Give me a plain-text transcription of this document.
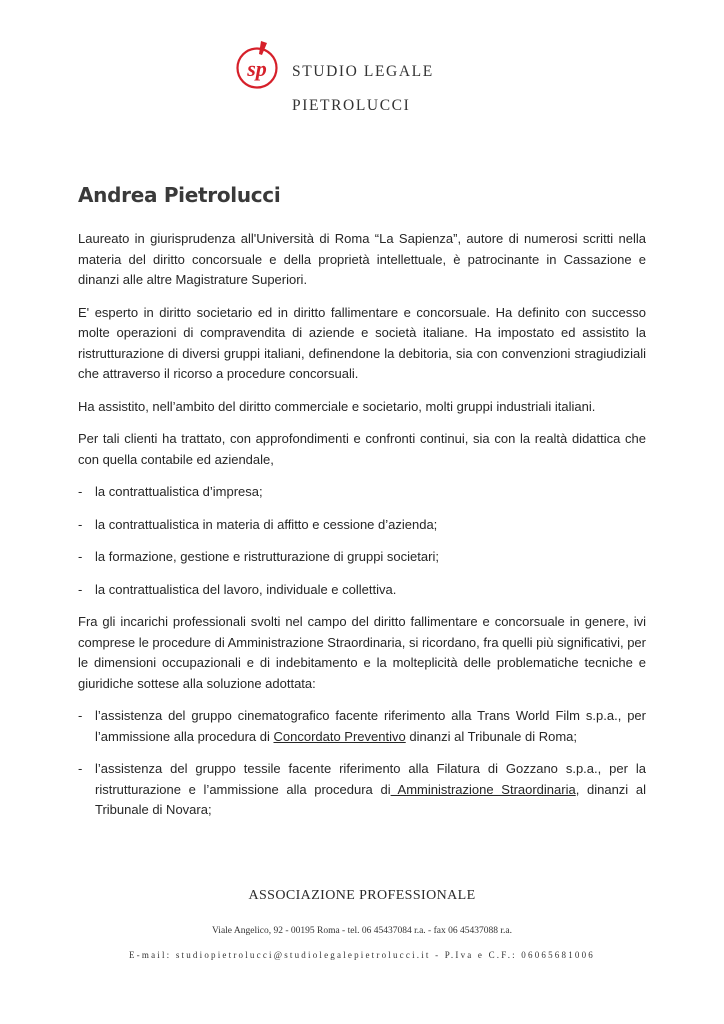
sp STUDIO LEGALE
PIETROLUCCI
Andrea Pietrolucci

Laureato in giurisprudenza all'Università di Roma “La Sapienza”, autore di numerosi scritti nella materia del diritto concorsuale e della proprietà intellettuale, è patrocinante in Cassazione e dinanzi alle altre Magistrature Superiori.

E' esperto in diritto societario ed in diritto fallimentare e concorsuale. Ha definito con successo molte operazioni di compravendita di aziende e società italiane. Ha impostato ed assistito la ristrutturazione di diversi gruppi italiani, definendone la debitoria, sia con convenzioni stragiudiziali che attraverso il ricorso a procedure concorsuali.

Ha assistito, nell’ambito del diritto commerciale e societario, molti gruppi industriali italiani.

Per tali clienti ha trattato, con approfondimenti e confronti continui, sia con la realtà didattica che con quella contabile ed aziendale,

- la contrattualistica d’impresa;
- la contrattualistica in materia di affitto e cessione d’azienda;
- la formazione, gestione e ristrutturazione di gruppi societari;
- la contrattualistica del lavoro, individuale e collettiva.

Fra gli incarichi professionali svolti nel campo del diritto fallimentare e concorsuale in genere, ivi comprese le procedure di Amministrazione Straordinaria, si ricordano, fra quelli più significativi, per le dimensioni occupazionali e di indebitamento e la molteplicità delle problematiche tecniche e giuridiche sottese alla soluzione adottata:

- l’assistenza del gruppo cinematografico facente riferimento alla Trans World Film s.p.a., per l’ammissione alla procedura di Concordato Preventivo dinanzi al Tribunale di Roma;
- l’assistenza del gruppo tessile facente riferimento alla Filatura di Gozzano s.p.a., per la ristrutturazione e l’ammissione alla procedura di Amministrazione Straordinaria, dinanzi al Tribunale di Novara;
ASSOCIAZIONE PROFESSIONALE
Viale Angelico, 92 - 00195 Roma - tel. 06 45437084 r.a. - fax 06 45437088 r.a.
E-mail: studiopietrolucci@studiolegalepietrolucci.it - P.Iva e C.F.: 06065681006
